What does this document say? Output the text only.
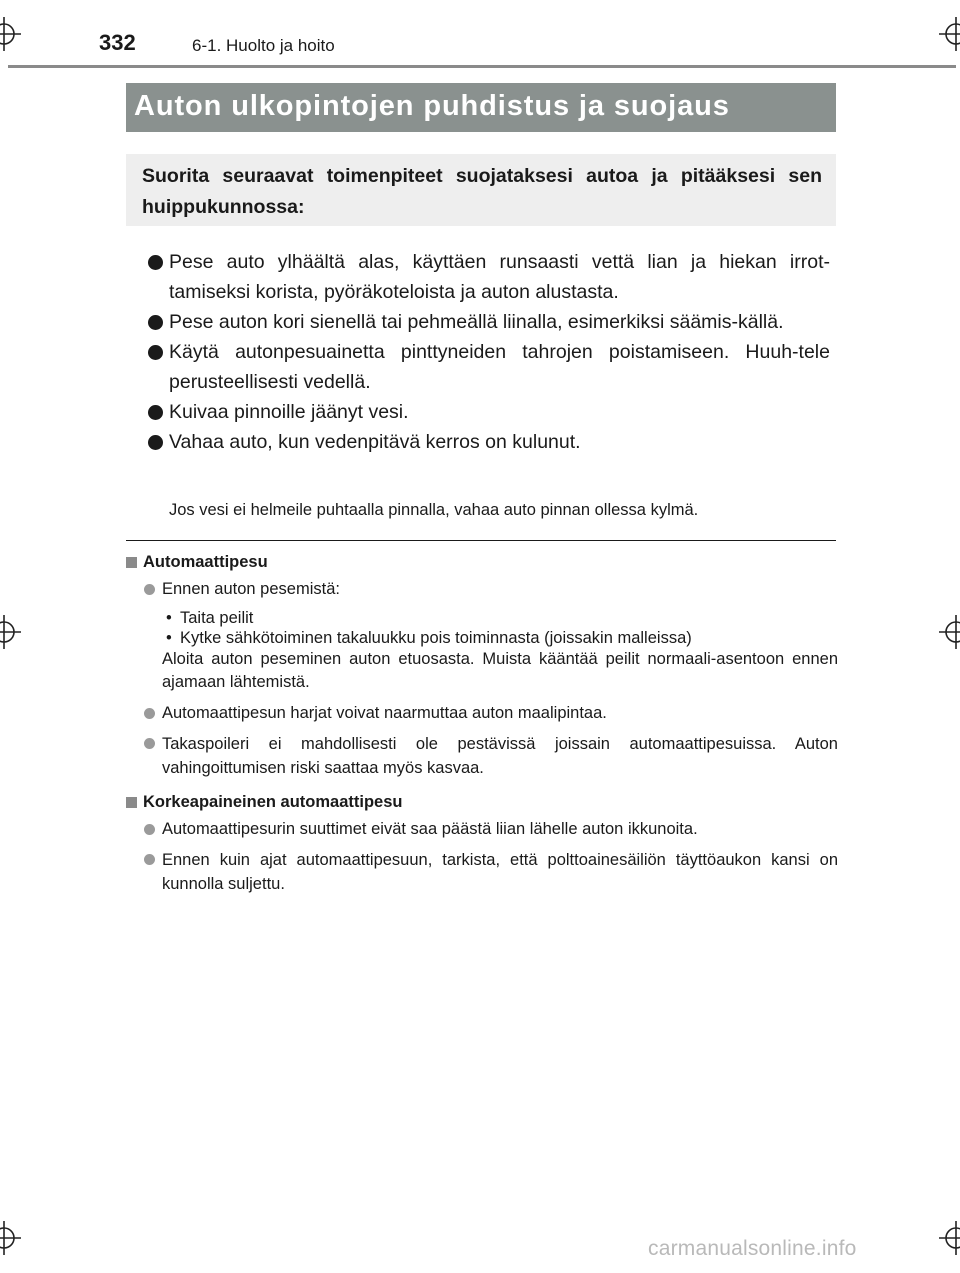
332	6-1. Huolto ja hoito
Auton ulkopintojen puhdistus ja suojaus
Suorita seuraavat toimenpiteet suojataksesi autoa ja pitääksesi sen huippukunnossa:
Pese auto ylhäältä alas, käyttäen runsaasti vettä lian ja hiekan irrot-tamiseksi korista, pyöräkoteloista ja auton alustasta.
Pese auton kori sienellä tai pehmeällä liinalla, esimerkiksi säämis-källä.
Käytä autonpesuainetta pinttyneiden tahrojen poistamiseen. Huuh-tele perusteellisesti vedellä.
Kuivaa pinnoille jäänyt vesi.
Vahaa auto, kun vedenpitävä kerros on kulunut.
Jos vesi ei helmeile puhtaalla pinnalla, vahaa auto pinnan ollessa kylmä.
Automaattipesu
Ennen auton pesemistä:
• Taita peilit
• Kytke sähkötoiminen takaluukku pois toiminnasta (joissakin malleissa)
Aloita auton peseminen auton etuosasta. Muista kääntää peilit normaali-asentoon ennen ajamaan lähtemistä.
Automaattipesun harjat voivat naarmuttaa auton maalipintaa.
Takaspoileri ei mahdollisesti ole pestävissä joissain automaattipesuissa. Auton vahingoittumisen riski saattaa myös kasvaa.
Korkeapaineinen automaattipesu
Automaattipesurin suuttimet eivät saa päästä liian lähelle auton ikkunoita.
Ennen kuin ajat automaattipesuun, tarkista, että polttoainesäiliön täyttöaukon kansi on kunnolla suljettu.
carmanualsonline.info
